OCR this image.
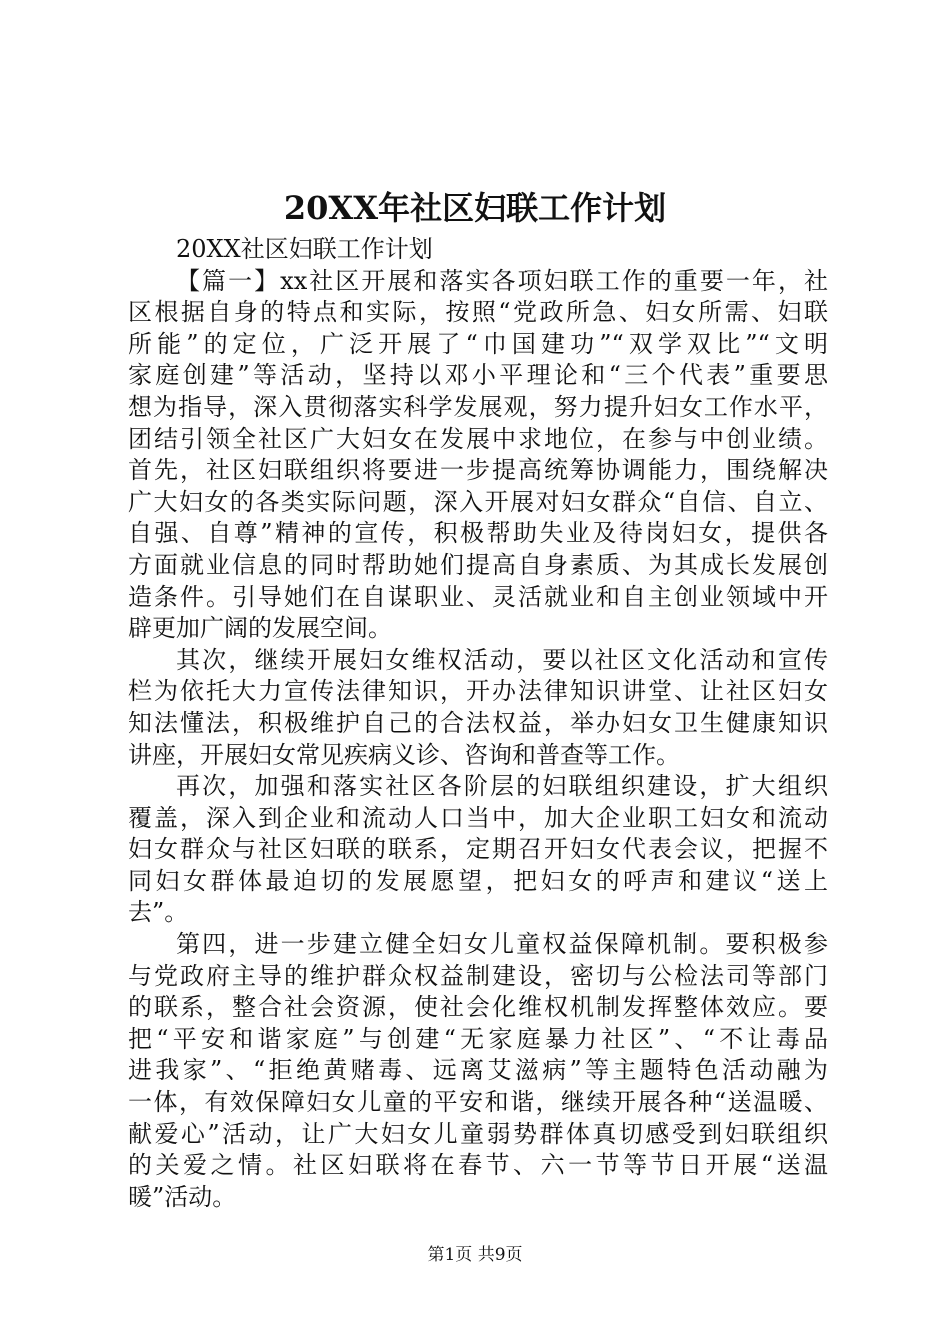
20XX年社区妇联工作计划
20XX社区妇联工作计划
【篇一】xx社区开展和落实各项妇联工作的重要一年，社
区根据自身的特点和实际，按照“党政所急、妇女所需、妇联
所能”的定位，广泛开展了“巾国建功”“双学双比”“文明
家庭创建”等活动，坚持以邓小平理论和“三个代表”重要思
想为指导，深入贯彻落实科学发展观，努力提升妇女工作水平，
团结引领全社区广大妇女在发展中求地位，在参与中创业绩。
首先，社区妇联组织将要进一步提高统筹协调能力，围绕解决
广大妇女的各类实际问题，深入开展对妇女群众“自信、自立、
自强、自尊”精神的宣传，积极帮助失业及待岗妇女，提供各
方面就业信息的同时帮助她们提高自身素质、为其成长发展创
造条件。引导她们在自谋职业、灵活就业和自主创业领域中开
辟更加广阔的发展空间。
其次，继续开展妇女维权活动，要以社区文化活动和宣传
栏为依托大力宣传法律知识，开办法律知识讲堂、让社区妇女
知法懂法，积极维护自己的合法权益，举办妇女卫生健康知识
讲座，开展妇女常见疾病义诊、咨询和普查等工作。
再次，加强和落实社区各阶层的妇联组织建设，扩大组织
覆盖，深入到企业和流动人口当中，加大企业职工妇女和流动
妇女群众与社区妇联的联系，定期召开妇女代表会议，把握不
同妇女群体最迫切的发展愿望，把妇女的呼声和建议“送上
去”。
第四，进一步建立健全妇女儿童权益保障机制。要积极参
与党政府主导的维护群众权益制建设，密切与公检法司等部门
的联系，整合社会资源，使社会化维权机制发挥整体效应。要
把“平安和谐家庭”与创建“无家庭暴力社区”、“不让毒品
进我家”、“拒绝黄赌毒、远离艾滋病”等主题特色活动融为
一体，有效保障妇女儿童的平安和谐，继续开展各种“送温暖、
献爱心”活动，让广大妇女儿童弱势群体真切感受到妇联组织
的关爱之情。社区妇联将在春节、六一节等节日开展“送温
暖”活动。
第1页 共9页
